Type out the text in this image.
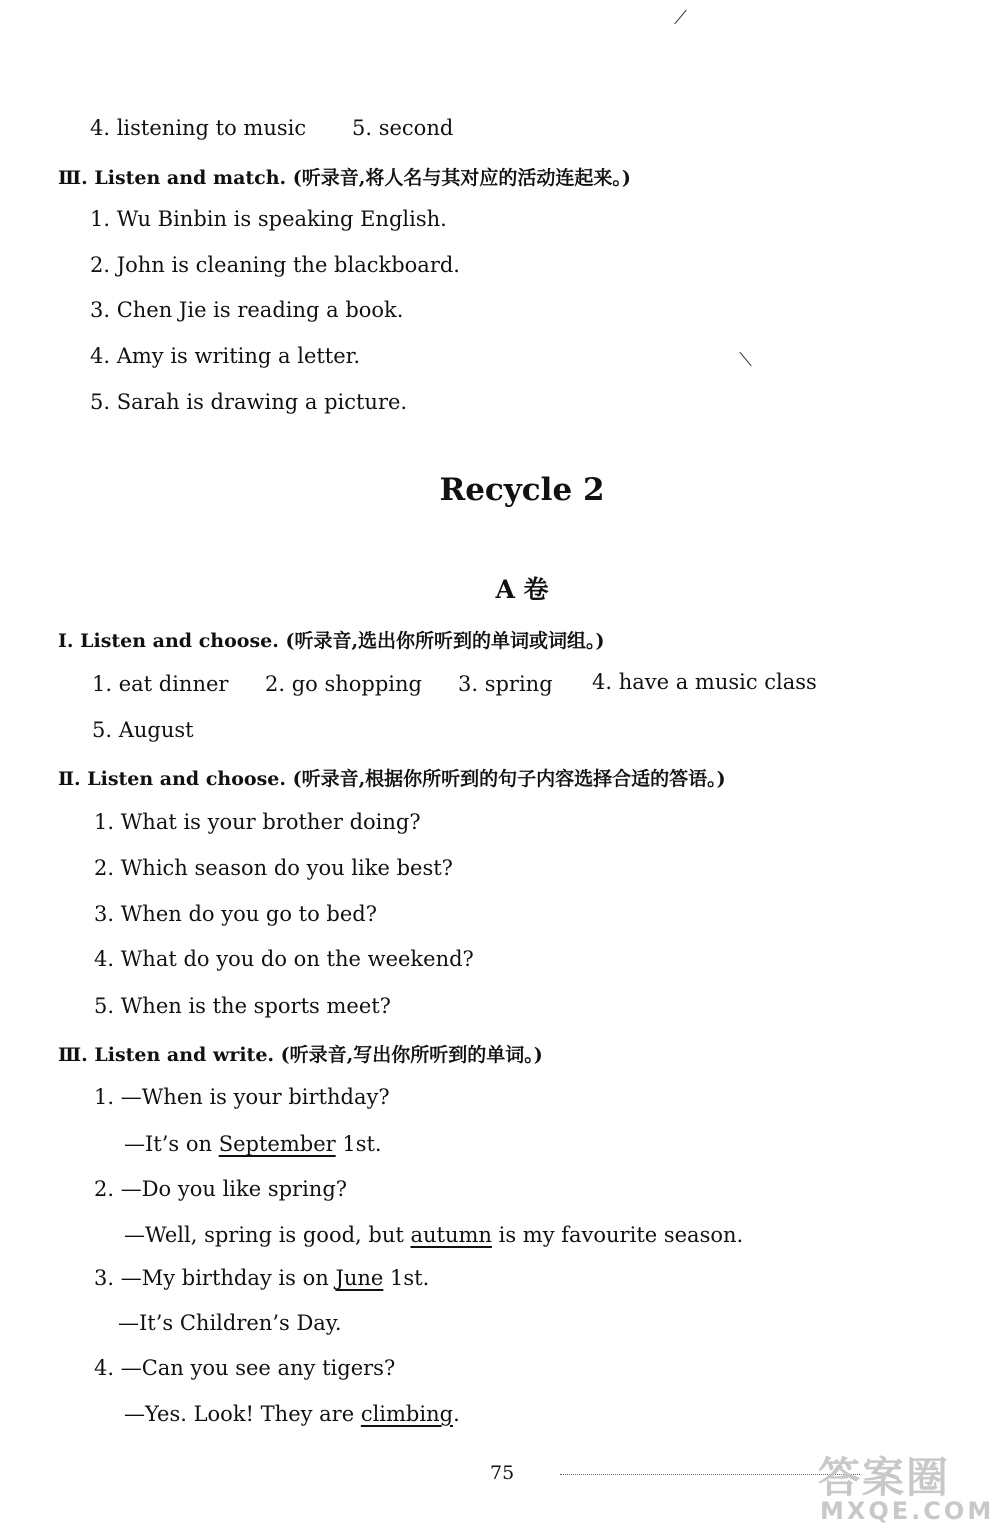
4. listening to music 5. second
Ⅲ. Listen and match. (听录音,将人名与其对应的活动连起来。)
1. Wu Binbin is speaking English.
2. John is cleaning the blackboard.
3. Chen Jie is reading a book.
4. Amy is writing a letter.
5. Sarah is drawing a picture.
Recycle 2
A 卷
Ⅰ. Listen and choose. (听录音,选出你所听到的单词或词组。)
1. eat dinner 2. go shopping 3. spring 4. have a music class
5. August
Ⅱ. Listen and choose. (听录音,根据你所听到的句子内容选择合适的答语。)
1. What is your brother doing?
2. Which season do you like best?
3. When do you go to bed?
4. What do you do on the weekend?
5. When is the sports meet?
Ⅲ. Listen and write. (听录音,写出你所听到的单词。)
1. —When is your birthday?
—It’s on September 1st.
2. —Do you like spring?
—Well, spring is good, but autumn is my favourite season.
3. —My birthday is on June 1st.
—It’s Children’s Day.
4. —Can you see any tigers?
—Yes. Look! They are climbing.
75	答案圈
MXQE.COM
